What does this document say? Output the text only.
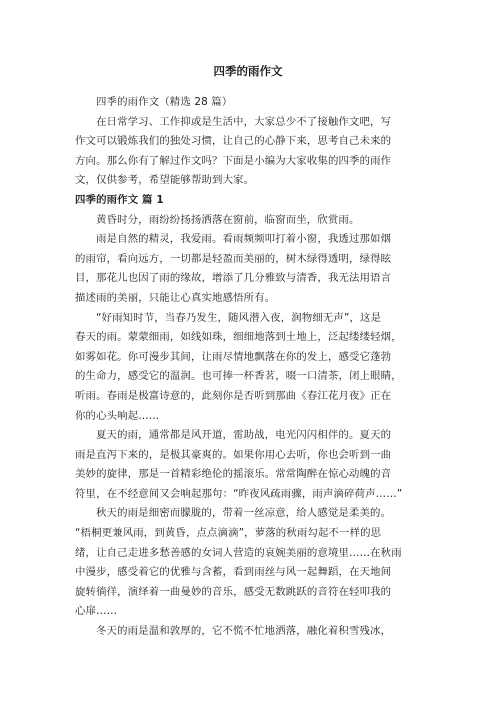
四季的雨作文
四季的雨作文（精选 28 篇）
在日常学习、工作抑或是生活中，大家总少不了接触作文吧，写
作文可以锻炼我们的独处习惯，让自己的心静下来，思考自己未来的
方向。那么你有了解过作文吗？下面是小编为大家收集的四季的雨作
文，仅供参考，希望能够帮助到大家。
四季的雨作文 篇 1
黄昏时分，雨纷纷扬扬洒落在窗前，临窗而坐，欣赏雨。
雨是自然的精灵，我爱雨。看雨频频叩打着小窗，我透过那如烟
的雨帘，看向远方，一切都是轻盈而美丽的，树木绿得透明，绿得眩
目，那花儿也因了雨的缘故，增添了几分雅致与清香，我无法用语言
描述雨的美丽，只能让心真实地感悟所有。
“好雨知时节，当春乃发生，随风潜入夜，润物细无声”，这是
春天的雨。蒙蒙细雨，如线如珠，细细地落到土地上，泛起缕缕轻烟，
如雾如花。你可漫步其间，让雨尽情地飘落在你的发上，感受它蓬勃
的生命力，感受它的温润。也可捧一杯香茗，啜一口清茶，闭上眼睛，
听雨。春雨是极富诗意的，此刻你是否听到那曲《春江花月夜》正在
你的心头响起……
夏天的雨，通常都是风开道，雷助战，电光闪闪相伴的。夏天的
雨是直泻下来的，是极其豪爽的。如果你用心去听，你也会听到一曲
美妙的旋律，那是一首精彩绝伦的摇滚乐。常常陶醉在惊心动魄的音
符里，在不经意间又会响起那句：“昨夜风疏雨骤，雨声滴碎荷声……”
秋天的雨是细密而朦胧的，带着一丝凉意，给人感觉是柔美的。
“梧桐更兼风雨，到黄昏，点点滴滴”，萝落的秋雨勾起不一样的思
绪，让自己走进多愁善感的女词人营造的哀婉美丽的意境里……在秋雨
中漫步，感受着它的优雅与含蓄，看到雨丝与风一起舞蹈，在天地间
旋转徜徉，演绎着一曲曼妙的音乐，感受无数跳跃的音符在轻叩我的
心扉……
冬天的雨是温和敦厚的，它不慌不忙地洒落，融化着积雪残冰，
